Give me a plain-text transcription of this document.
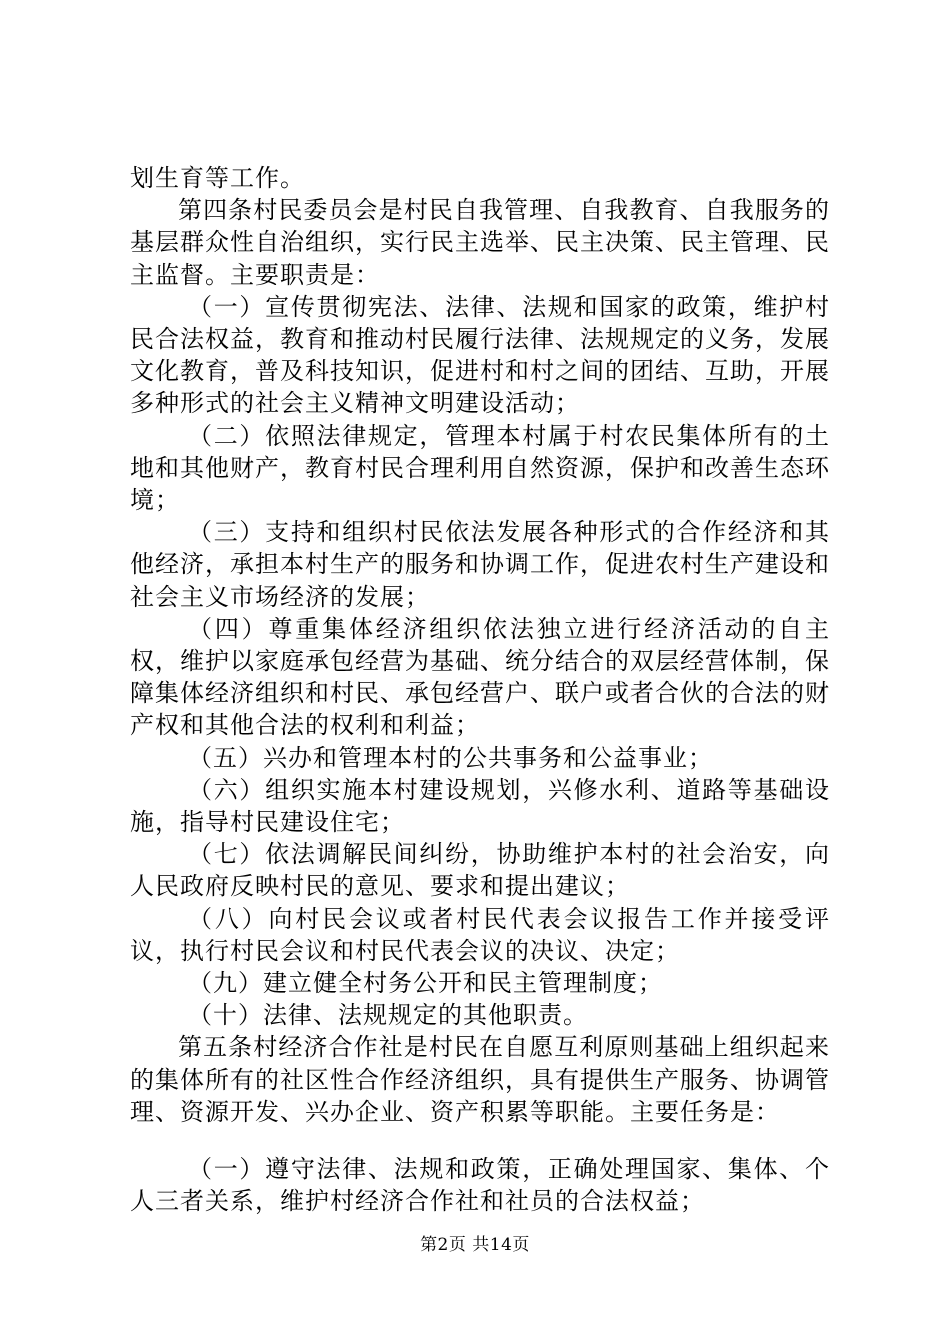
划生育等工作。

第四条村民委员会是村民自我管理、自我教育、自我服务的基层群众性自治组织，实行民主选举、民主决策、民主管理、民主监督。主要职责是：

（一）宣传贯彻宪法、法律、法规和国家的政策，维护村民合法权益，教育和推动村民履行法律、法规规定的义务，发展文化教育，普及科技知识，促进村和村之间的团结、互助，开展多种形式的社会主义精神文明建设活动；

（二）依照法律规定，管理本村属于村农民集体所有的土地和其他财产，教育村民合理利用自然资源，保护和改善生态环境；

（三）支持和组织村民依法发展各种形式的合作经济和其他经济，承担本村生产的服务和协调工作，促进农村生产建设和社会主义市场经济的发展；

（四）尊重集体经济组织依法独立进行经济活动的自主权，维护以家庭承包经营为基础、统分结合的双层经营体制，保障集体经济组织和村民、承包经营户、联户或者合伙的合法的财产权和其他合法的权利和利益；

（五）兴办和管理本村的公共事务和公益事业；

（六）组织实施本村建设规划，兴修水利、道路等基础设施，指导村民建设住宅；

（七）依法调解民间纠纷，协助维护本村的社会治安，向人民政府反映村民的意见、要求和提出建议；

（八）向村民会议或者村民代表会议报告工作并接受评议，执行村民会议和村民代表会议的决议、决定；

（九）建立健全村务公开和民主管理制度；

（十）法律、法规规定的其他职责。

第五条村经济合作社是村民在自愿互利原则基础上组织起来的集体所有的社区性合作经济组织，具有提供生产服务、协调管理、资源开发、兴办企业、资产积累等职能。主要任务是：

（一）遵守法律、法规和政策，正确处理国家、集体、个人三者关系，维护村经济合作社和社员的合法权益；

第2页 共14页
